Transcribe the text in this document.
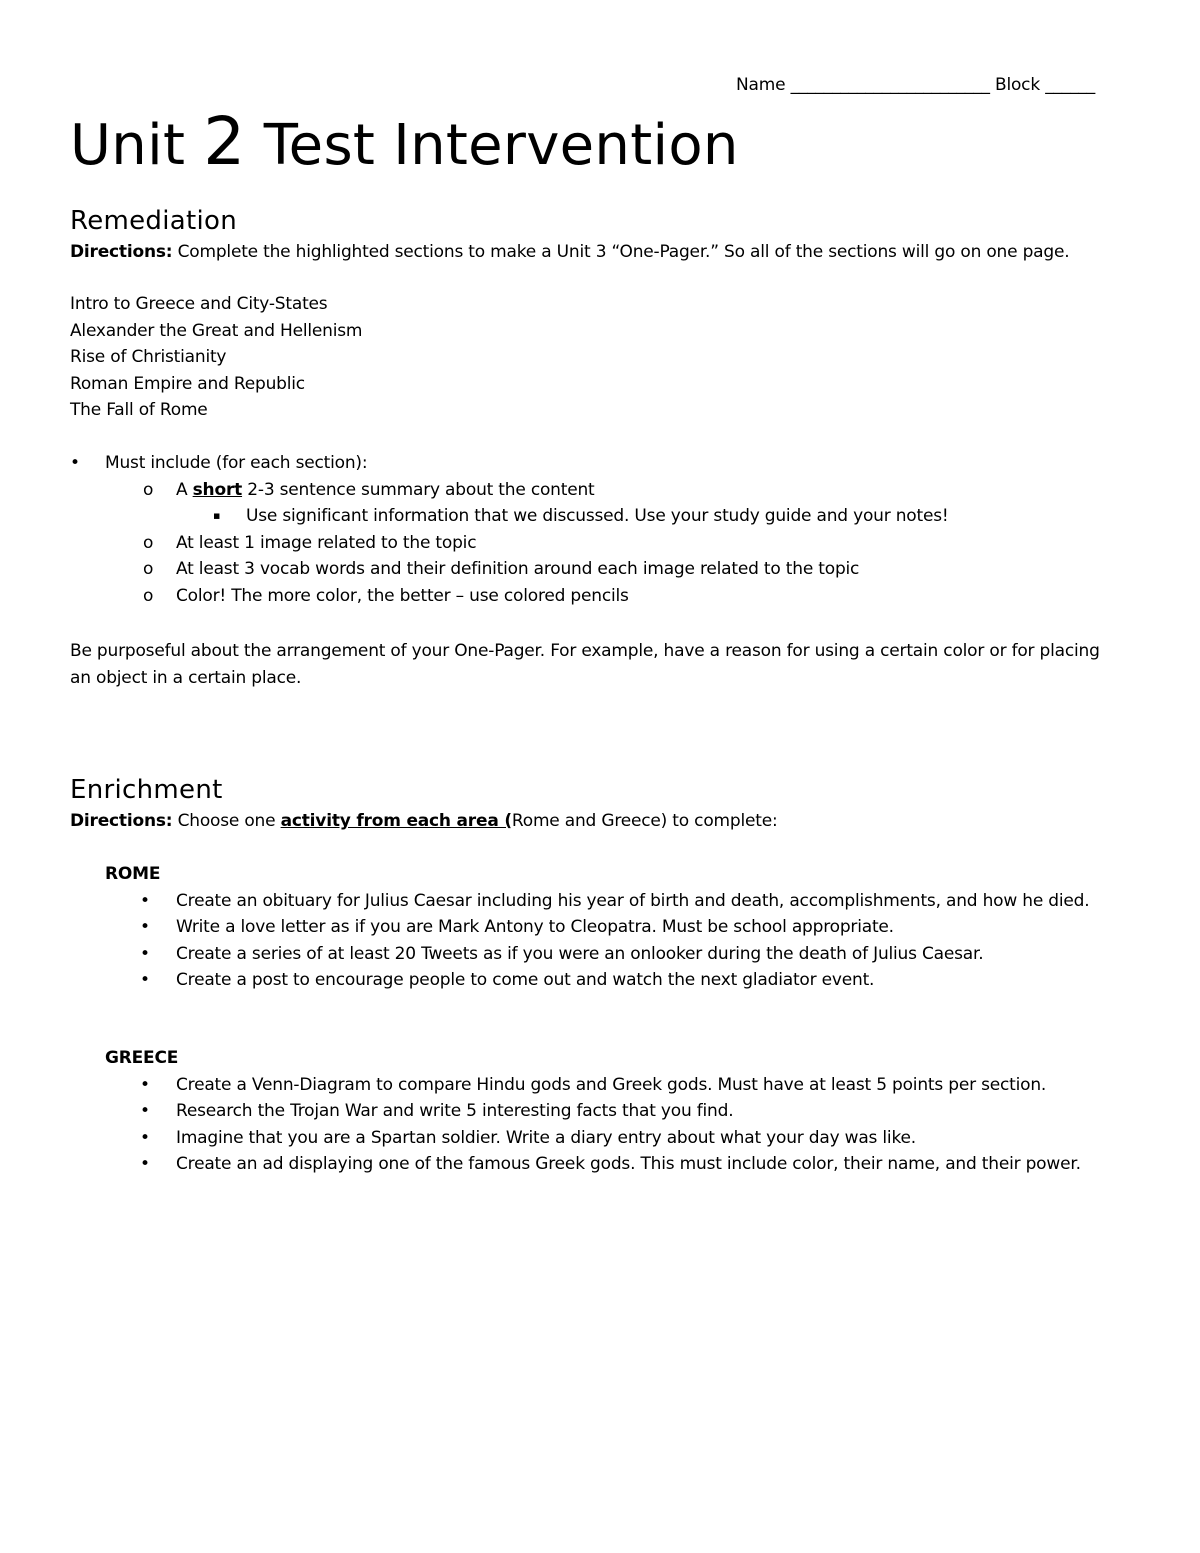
Name ________________________ Block ______
Unit 2 Test Intervention
Remediation
Directions: Complete the highlighted sections to make a Unit 3 “One-Pager.” So all of the sections will go on one page.
Intro to Greece and City-States
Alexander the Great and Hellenism
Rise of Christianity
Roman Empire and Republic
The Fall of Rome
• Must include (for each section):
o A short 2-3 sentence summary about the content
▪ Use significant information that we discussed. Use your study guide and your notes!
o At least 1 image related to the topic
o At least 3 vocab words and their definition around each image related to the topic
o Color! The more color, the better – use colored pencils
Be purposeful about the arrangement of your One-Pager. For example, have a reason for using a certain color or for placing an object in a certain place.
Enrichment
Directions: Choose one activity from each area (Rome and Greece) to complete:
ROME
• Create an obituary for Julius Caesar including his year of birth and death, accomplishments, and how he died.
• Write a love letter as if you are Mark Antony to Cleopatra. Must be school appropriate.
• Create a series of at least 20 Tweets as if you were an onlooker during the death of Julius Caesar.
• Create a post to encourage people to come out and watch the next gladiator event.
GREECE
• Create a Venn-Diagram to compare Hindu gods and Greek gods. Must have at least 5 points per section.
• Research the Trojan War and write 5 interesting facts that you find.
• Imagine that you are a Spartan soldier. Write a diary entry about what your day was like.
• Create an ad displaying one of the famous Greek gods. This must include color, their name, and their power.
